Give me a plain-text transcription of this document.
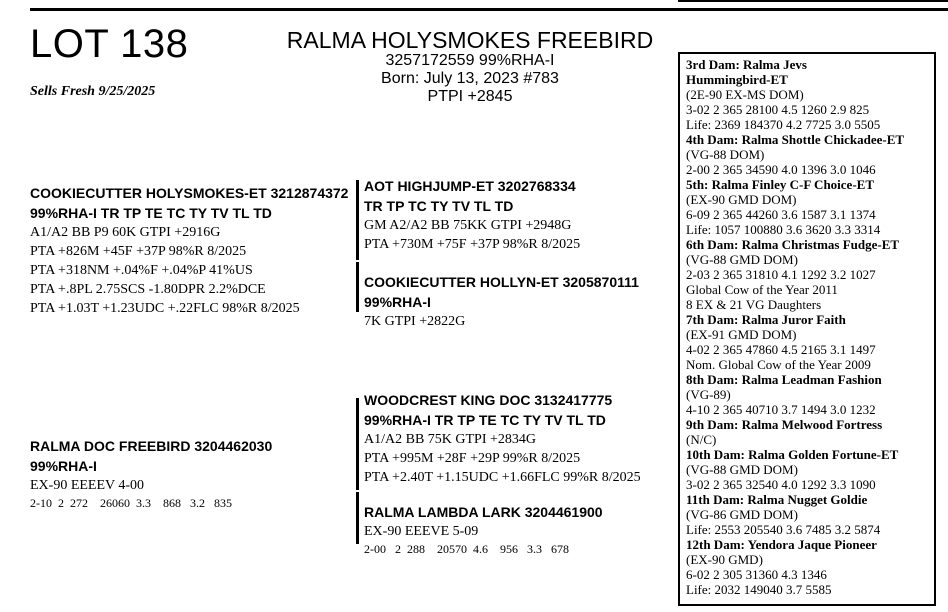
LOT 138
Sells Fresh 9/25/2025
RALMA HOLYSMOKES FREEBIRD
3257172559 99%RHA-I
Born: July 13, 2023 #783
PTPI +2845
COOKIECUTTER HOLYSMOKES-ET 3212874372
99%RHA-I TR TP TE TC TY TV TL TD
A1/A2 BB P9 60K GTPI +2916G
PTA +826M +45F +37P 98%R 8/2025
PTA +318NM +.04%F +.04%P 41%US
PTA +.8PL 2.75SCS -1.80DPR 2.2%DCE
PTA +1.03T +1.23UDC +.22FLC 98%R 8/2025
AOT HIGHJUMP-ET 3202768334
TR TP TC TY TV TL TD
GM A2/A2 BB 75KK GTPI +2948G
PTA +730M +75F +37P 98%R 8/2025
COOKIECUTTER HOLLYN-ET 3205870111
99%RHA-I
7K GTPI +2822G
RALMA DOC FREEBIRD 3204462030
99%RHA-I
EX-90 EEEEV 4-00
2-10  2  272    26060  3.3    868   3.2   835
WOODCREST KING DOC 3132417775
99%RHA-I TR TP TE TC TY TV TL TD
A1/A2 BB 75K GTPI +2834G
PTA +995M +28F +29P 99%R 8/2025
PTA +2.40T +1.15UDC +1.66FLC 99%R 8/2025
RALMA LAMBDA LARK 3204461900
EX-90 EEEVE 5-09
2-00   2  288    20570  4.6    956   3.3   678
3rd Dam: Ralma Jevs
Hummingbird-ET
(2E-90 EX-MS DOM)
3-02 2 365 28100 4.5 1260 2.9 825
Life: 2369 184370 4.2 7725 3.0 5505
4th Dam: Ralma Shottle Chickadee-ET
(VG-88 DOM)
2-00 2 365 34590 4.0 1396 3.0 1046
5th: Ralma Finley C-F Choice-ET
(EX-90 GMD DOM)
6-09 2 365 44260 3.6 1587 3.1 1374
Life: 1057 100880 3.6 3620 3.3 3314
6th Dam: Ralma Christmas Fudge-ET
(VG-88 GMD DOM)
2-03 2 365 31810 4.1 1292 3.2 1027
Global Cow of the Year 2011
8 EX & 21 VG Daughters
7th Dam: Ralma Juror Faith
(EX-91 GMD DOM)
4-02 2 365 47860 4.5 2165 3.1 1497
Nom. Global Cow of the Year 2009
8th Dam: Ralma Leadman Fashion
(VG-89)
4-10 2 365 40710 3.7 1494 3.0 1232
9th Dam: Ralma Melwood Fortress
(N/C)
10th Dam: Ralma Golden Fortune-ET
(VG-88 GMD DOM)
3-02 2 365 32540 4.0 1292 3.3 1090
11th Dam: Ralma Nugget Goldie
(VG-86 GMD DOM)
Life: 2553 205540 3.6 7485 3.2 5874
12th Dam: Yendora Jaque Pioneer
(EX-90 GMD)
6-02 2 305 31360 4.3 1346
Life: 2032 149040 3.7 5585
